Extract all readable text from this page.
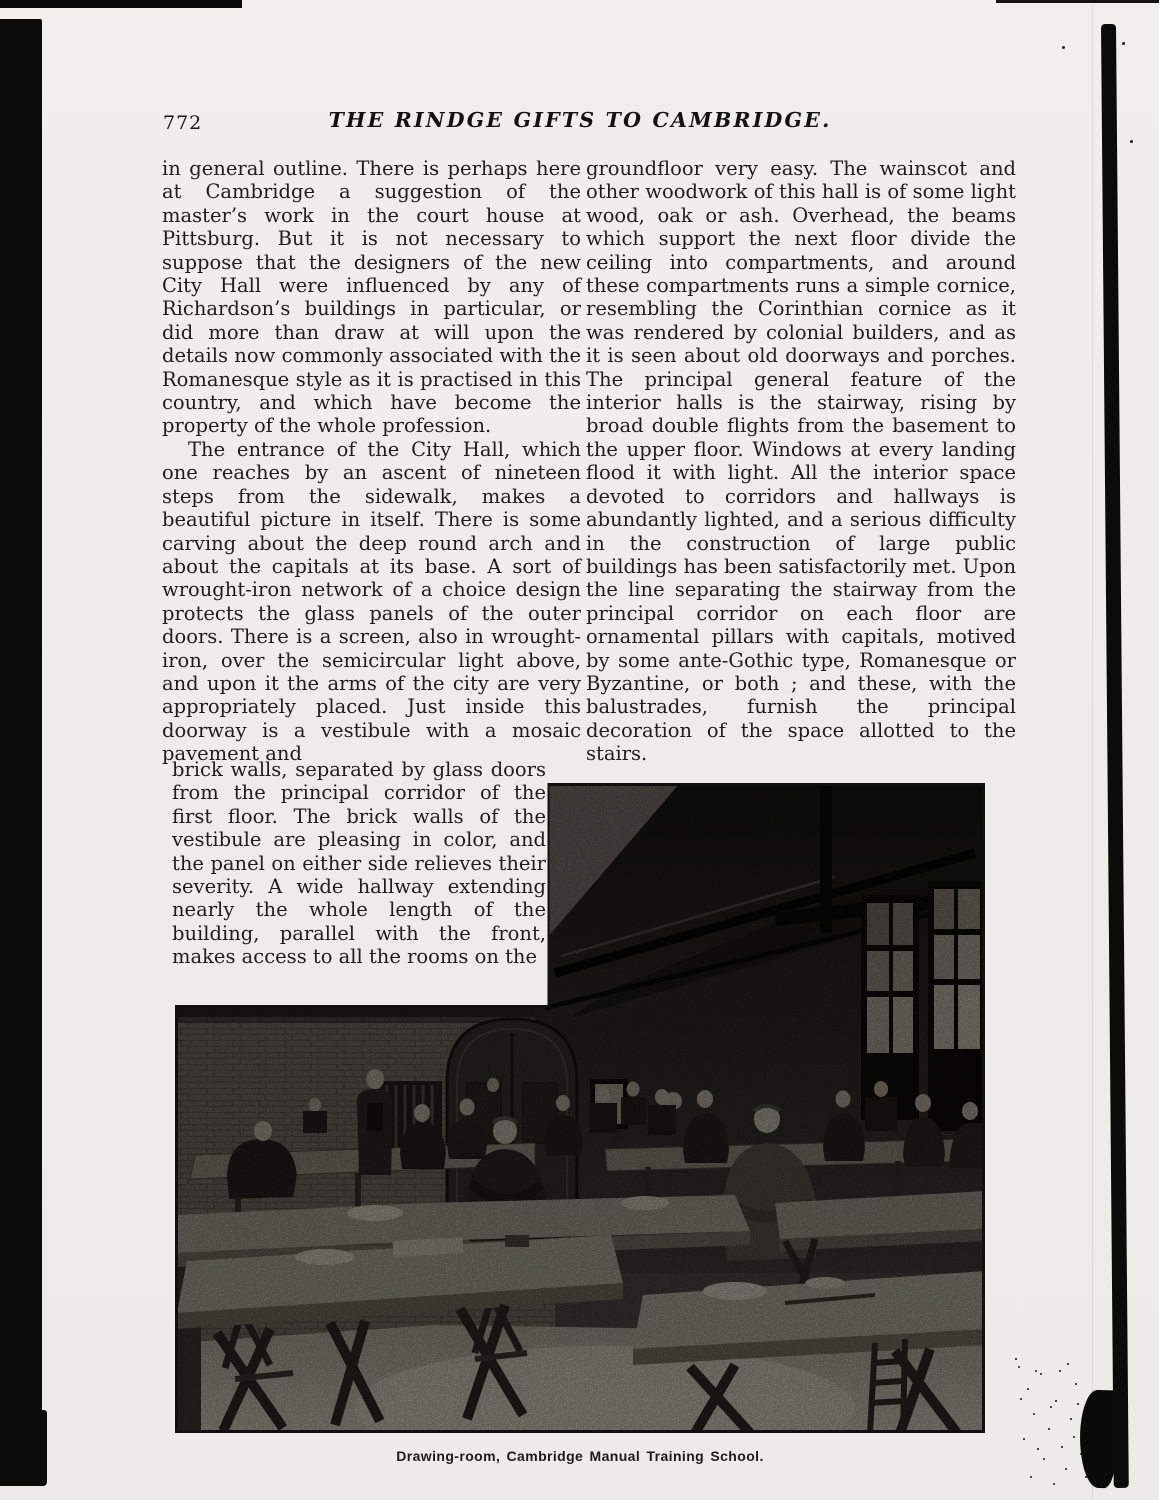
772	THE RINDGE GIFTS TO CAMBRIDGE.

in general outline. There is perhaps here at Cambridge a suggestion of the master’s work in the court house at Pittsburg. But it is not necessary to suppose that the designers of the new City Hall were influenced by any of Richardson’s buildings in particular, or did more than draw at will upon the details now commonly associated with the Romanesque style as it is practised in this country, and which have become the property of the whole profession.

The entrance of the City Hall, which one reaches by an ascent of nineteen steps from the sidewalk, makes a beautiful picture in itself. There is some carving about the deep round arch and about the capitals at its base. A sort of wrought-iron network of a choice design protects the glass panels of the outer doors. There is a screen, also in wrought-iron, over the semicircular light above, and upon it the arms of the city are very appropriately placed. Just inside this doorway is a vestibule with a mosaic pavement and

brick walls, separated by glass doors from the principal corridor of the first floor. The brick walls of the vestibule are pleasing in color, and the panel on either side relieves their severity. A wide hallway extending nearly the whole length of the building, parallel with the front, makes access to all the rooms on the

groundfloor very easy. The wainscot and other woodwork of this hall is of some light wood, oak or ash. Overhead, the beams which support the next floor divide the ceiling into compartments, and around these compartments runs a simple cornice, resembling the Corinthian cornice as it was rendered by colonial builders, and as it is seen about old doorways and porches. The principal general feature of the interior halls is the stairway, rising by broad double flights from the basement to the upper floor. Windows at every landing flood it with light. All the interior space devoted to corridors and hallways is abundantly lighted, and a serious difficulty in the construction of large public buildings has been satisfactorily met. Upon the line separating the stairway from the principal corridor on each floor are ornamental pillars with capitals, motived by some ante-Gothic type, Romanesque or Byzantine, or both ; and these, with the balustrades, furnish the principal decoration of the space allotted to the stairs.

Drawing-room, Cambridge Manual Training School.
